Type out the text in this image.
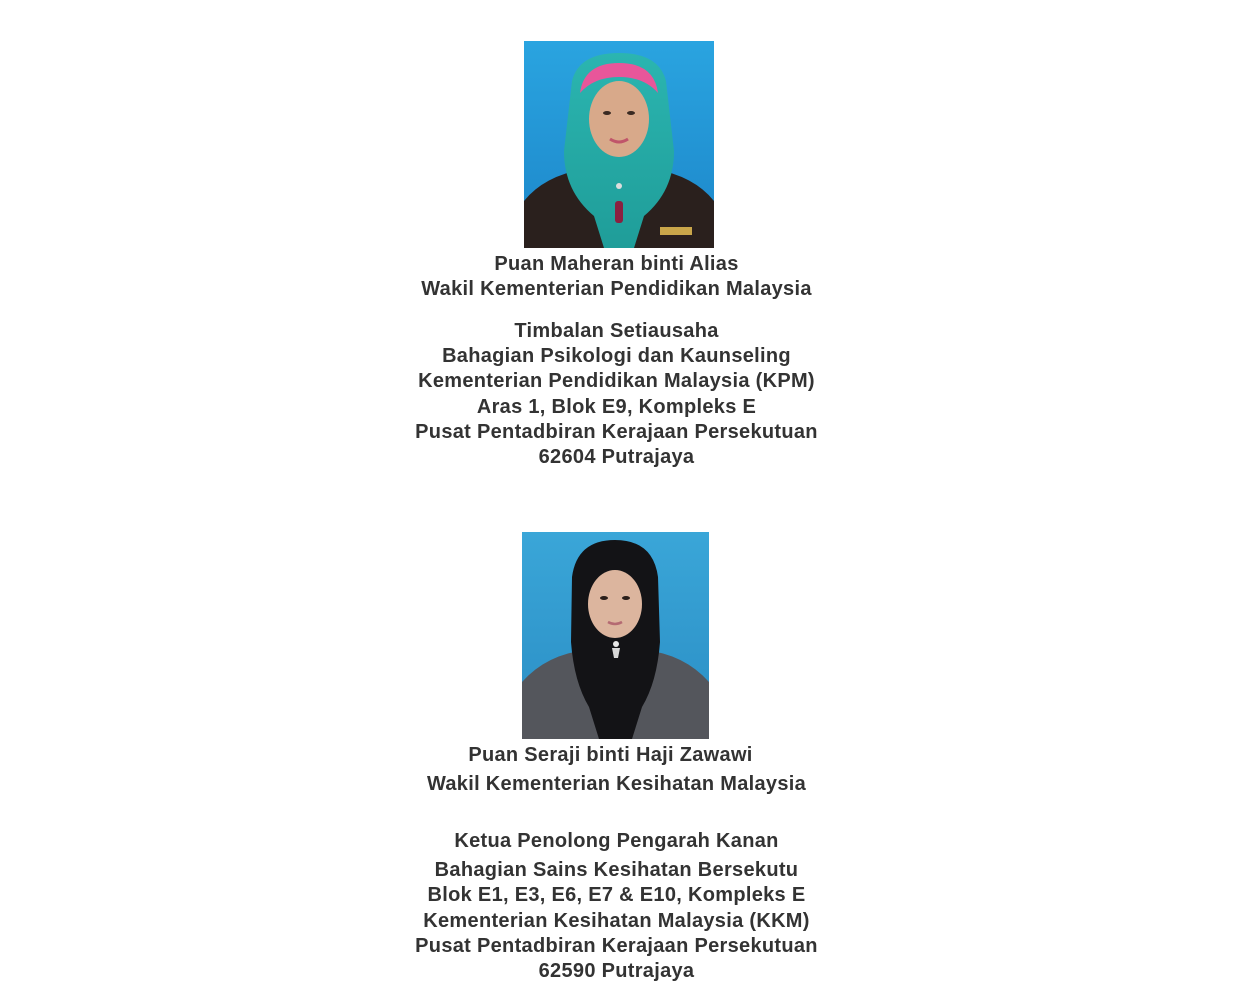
Puan Maheran binti Alias
Wakil Kementerian Pendidikan Malaysia
Timbalan Setiausaha
Bahagian Psikologi dan Kaunseling
Kementerian Pendidikan Malaysia (KPM)
Aras 1, Blok E9, Kompleks E
Pusat Pentadbiran Kerajaan Persekutuan
62604 Putrajaya
Puan Seraji binti Haji Zawawi
Wakil Kementerian Kesihatan Malaysia
Ketua Penolong Pengarah Kanan
Bahagian Sains Kesihatan Bersekutu
Blok E1, E3, E6, E7 & E10, Kompleks E
Kementerian Kesihatan Malaysia (KKM)
Pusat Pentadbiran Kerajaan Persekutuan
62590 Putrajaya
